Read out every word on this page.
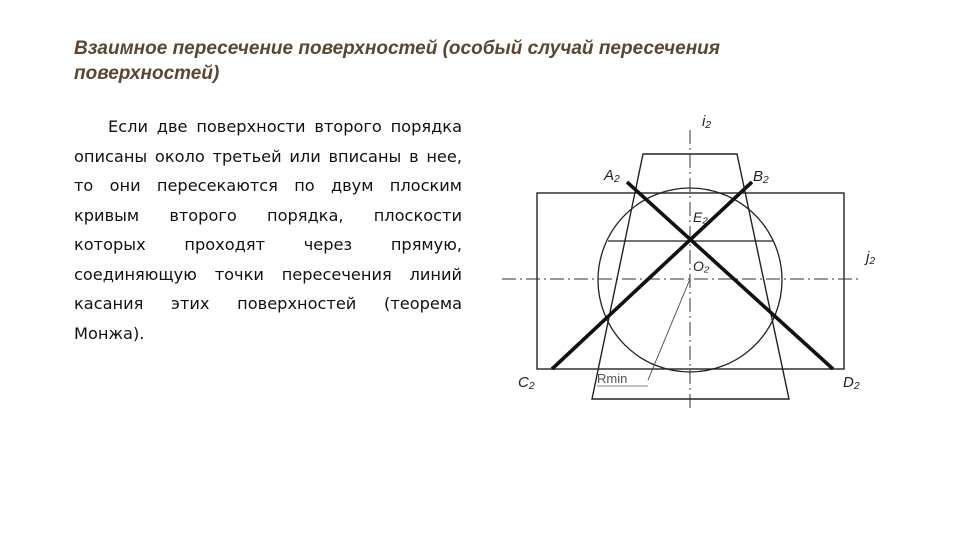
Взаимное пересечение поверхностей (особый случай пересечения
поверхностей)

Если две поверхности второго порядка описаны около третьей или вписаны в нее, то они пересекаются по двум плоским кривым второго порядка, плоскости которых проходят через прямую, соединяющую точки пересечения линий касания этих поверхностей (теорема Монжа).

i₂
j₂
A₂	B₂
C₂	D₂
E₂
O₂
Rmin
